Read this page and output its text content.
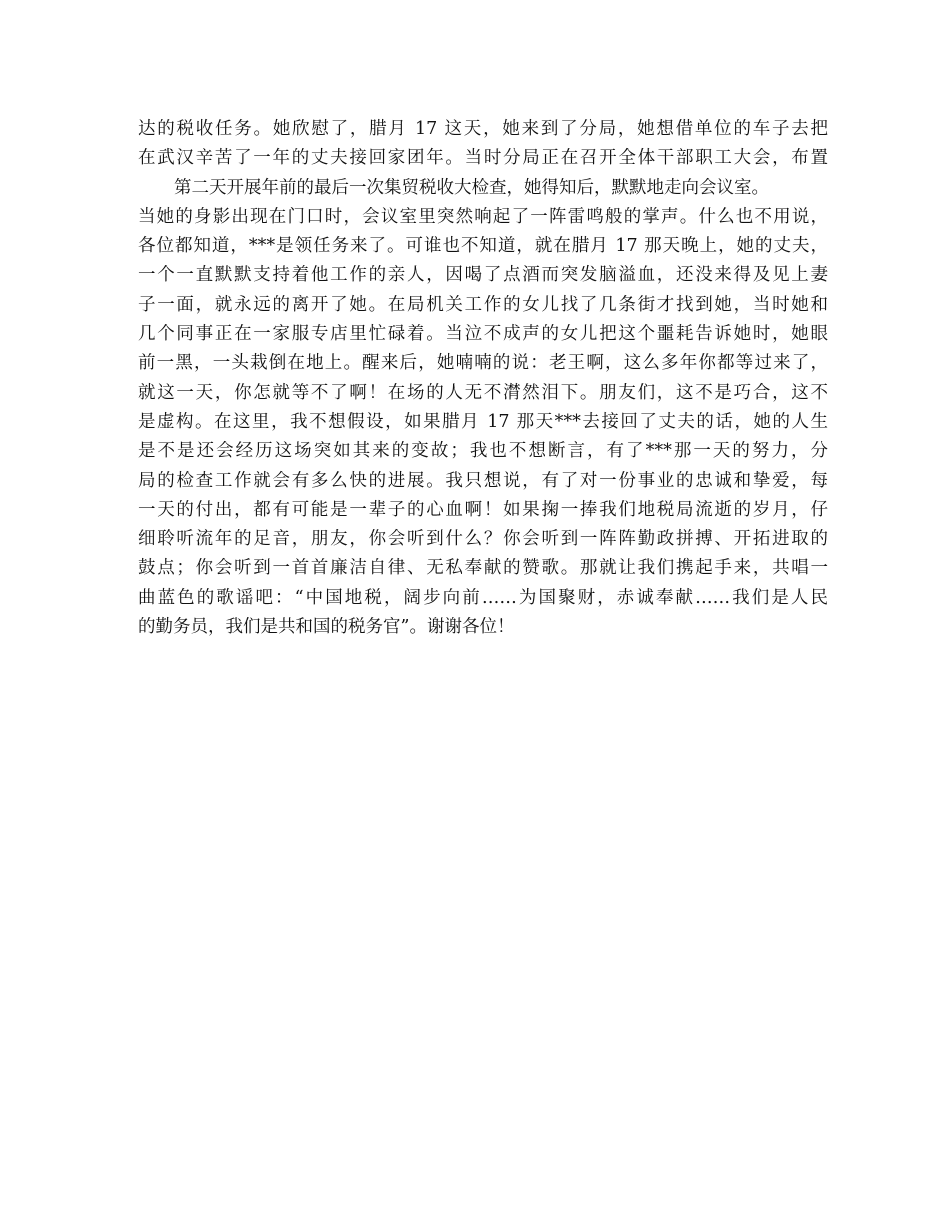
达的税收任务。她欣慰了，腊月 17 这天，她来到了分局，她想借单位的车子去把
在武汉辛苦了一年的丈夫接回家团年。当时分局正在召开全体干部职工大会，布置
第二天开展年前的最后一次集贸税收大检查，她得知后，默默地走向会议室。
当她的身影出现在门口时，会议室里突然响起了一阵雷鸣般的掌声。什么也不用说，
各位都知道，***是领任务来了。可谁也不知道，就在腊月 17 那天晚上，她的丈夫，
一个一直默默支持着他工作的亲人，因喝了点酒而突发脑溢血，还没来得及见上妻
子一面，就永远的离开了她。在局机关工作的女儿找了几条街才找到她，当时她和
几个同事正在一家服专店里忙碌着。当泣不成声的女儿把这个噩耗告诉她时，她眼
前一黑，一头栽倒在地上。醒来后，她喃喃的说：老王啊，这么多年你都等过来了，
就这一天，你怎就等不了啊！在场的人无不潸然泪下。朋友们，这不是巧合，这不
是虚构。在这里，我不想假设，如果腊月 17 那天***去接回了丈夫的话，她的人生
是不是还会经历这场突如其来的变故；我也不想断言，有了***那一天的努力，分
局的检查工作就会有多么快的进展。我只想说，有了对一份事业的忠诚和挚爱，每
一天的付出，都有可能是一辈子的心血啊！如果掬一捧我们地税局流逝的岁月，仔
细聆听流年的足音，朋友，你会听到什么？你会听到一阵阵勤政拼搏、开拓进取的
鼓点；你会听到一首首廉洁自律、无私奉献的赞歌。那就让我们携起手来，共唱一
曲蓝色的歌谣吧：“中国地税，阔步向前……为国聚财，赤诚奉献……我们是人民
的勤务员，我们是共和国的税务官”。谢谢各位！
